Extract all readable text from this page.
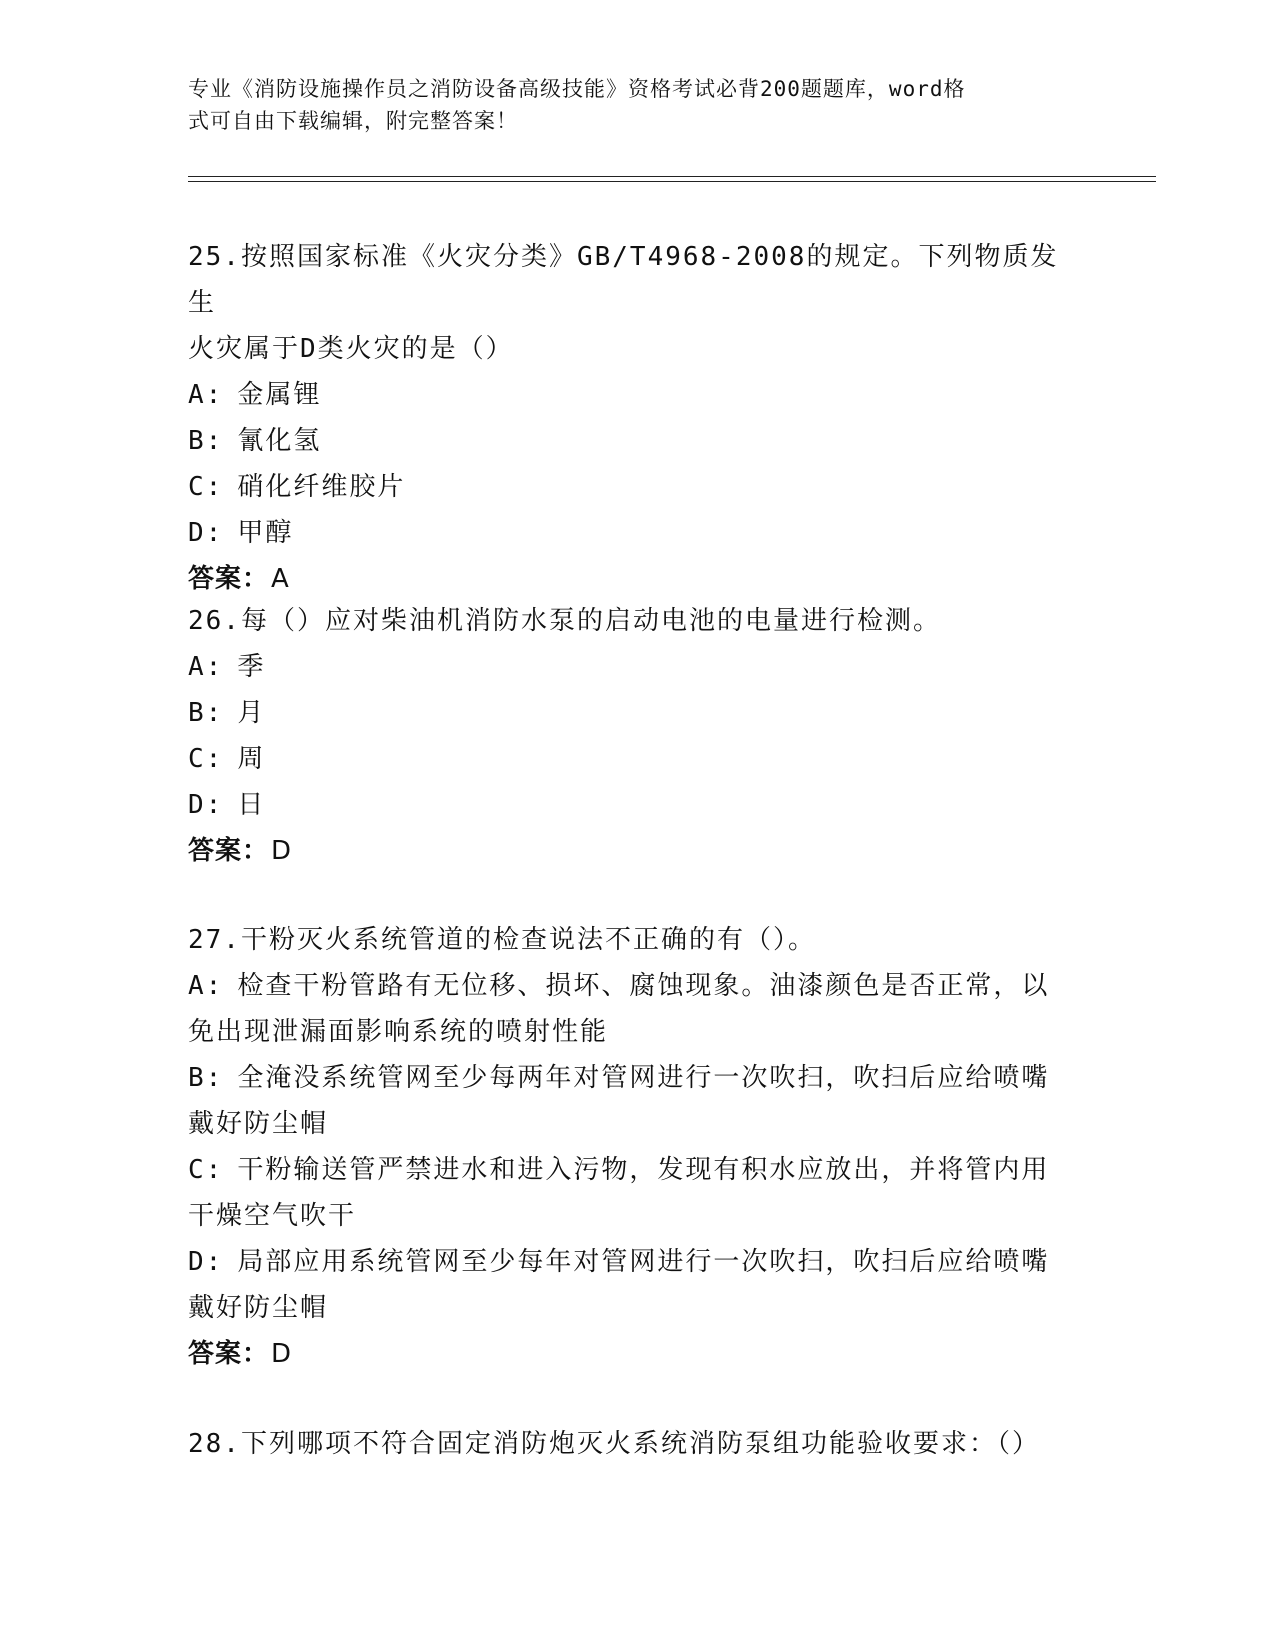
专业《消防设施操作员之消防设备高级技能》资格考试必背200题题库，word格
式可自由下载编辑，附完整答案！

25.按照国家标准《火灾分类》GB/T4968-2008的规定。下列物质发生
火灾属于D类火灾的是（）

A: 金属锂

B: 氰化氢

C: 硝化纤维胶片

D: 甲醇

答案：A

26.每（）应对柴油机消防水泵的启动电池的电量进行检测。

A: 季

B: 月

C: 周

D: 日

答案：D

27.干粉灭火系统管道的检查说法不正确的有（）。

A: 检查干粉管路有无位移、损坏、腐蚀现象。油漆颜色是否正常，以
免出现泄漏面影响系统的喷射性能

B: 全淹没系统管网至少每两年对管网进行一次吹扫，吹扫后应给喷嘴
戴好防尘帽

C: 干粉输送管严禁进水和进入污物，发现有积水应放出，并将管内用
干燥空气吹干

D: 局部应用系统管网至少每年对管网进行一次吹扫，吹扫后应给喷嘴
戴好防尘帽

答案：D

28.下列哪项不符合固定消防炮灭火系统消防泵组功能验收要求：（）
